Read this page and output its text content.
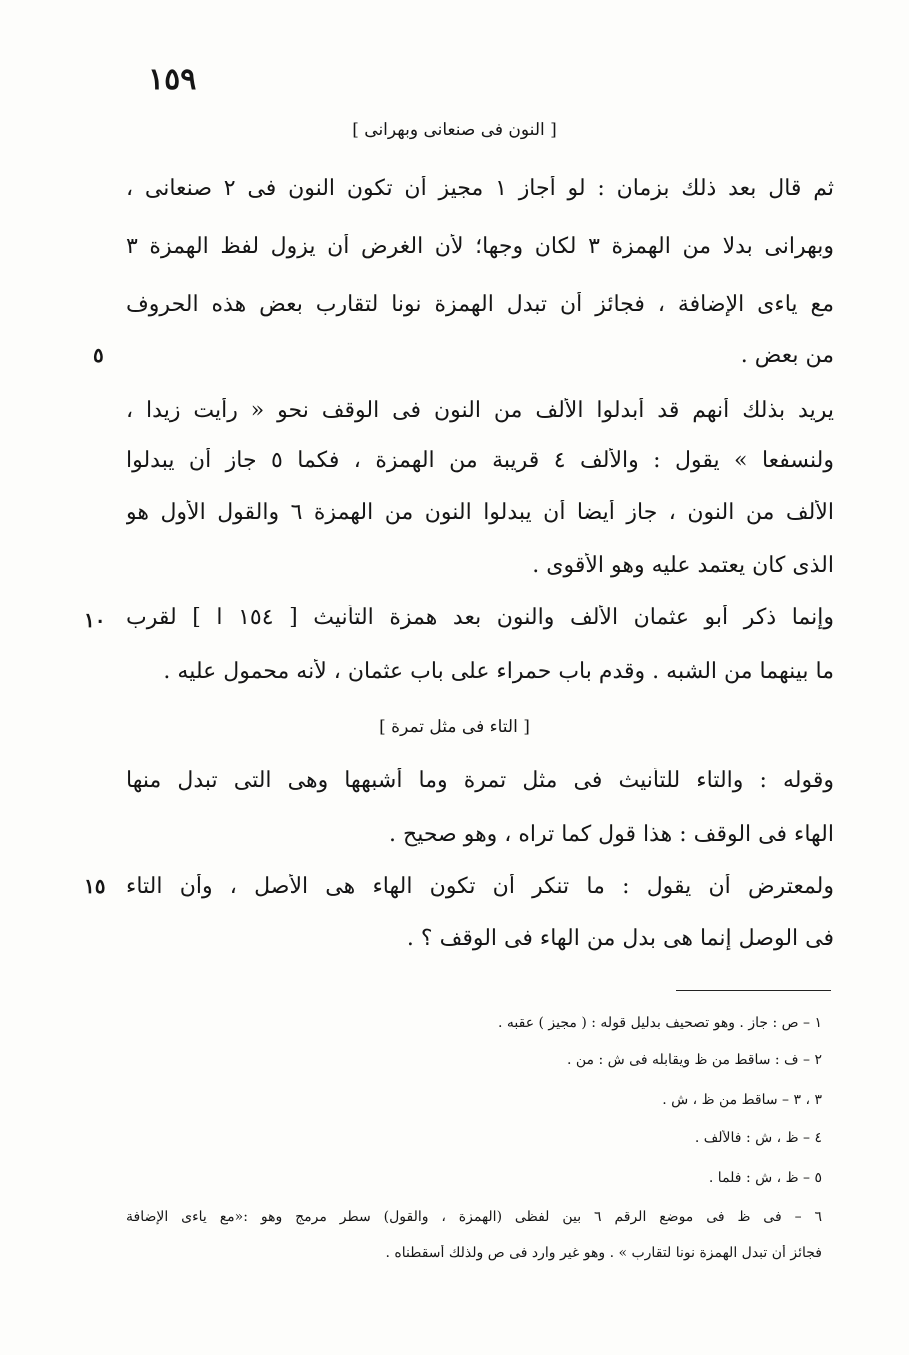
١٥٩
[ النون فى صنعانى وبهرانى ]
ثم قال بعد ذلك بزمان : لو أجاز ١ مجيز أن تكون النون فى ٢ صنعانى ،
وبهرانى بدلا من الهمزة ٣ لكان وجها؛ لأن الغرض أن يزول لفظ الهمزة ٣
مع ياءى الإضافة ، فجائز أن تبدل الهمزة نونا لتقارب بعض هذه الحروف
من بعض .
٥
يريد بذلك أنهم قد أبدلوا الألف من النون فى الوقف نحو « رأيت زيدا ،
ولنسفعا » يقول : والألف ٤ قريبة من الهمزة ، فكما ٥ جاز أن يبدلوا
الألف من النون ، جاز أيضا أن يبدلوا النون من الهمزة ٦ والقول الأول هو
الذى كان يعتمد عليه وهو الأقوى .
وإنما ذكر أبو عثمان الألف والنون بعد همزة التأنيث [ ١٥٤ ا ] لقرب
١٠
ما بينهما من الشبه . وقدم باب حمراء على باب عثمان ، لأنه محمول عليه .
[ التاء فى مثل تمرة ]
وقوله : والتاء للتأنيث فى مثل تمرة وما أشبهها وهى التى تبدل منها
الهاء فى الوقف : هذا قول كما تراه ، وهو صحيح .
ولمعترض أن يقول : ما تنكر أن تكون الهاء هى الأصل ، وأن التاء
١٥
فى الوصل إنما هى بدل من الهاء فى الوقف ؟ .
١ – ص : جاز . وهو تصحيف بدليل قوله : ( مجيز ) عقبه .
٢ – ف : ساقط من ظ ويقابله فى ش : من .
٣ ، ٣ – ساقط من ظ ، ش .
٤ – ظ ، ش : فالألف .
٥ – ظ ، ش : فلما .
٦ – فى ظ فى موضع الرقم ٦ بين لفظى (الهمزة ، والقول) سطر مرمج وهو :«مع ياءى الإضافة
فجائز أن تبدل الهمزة نونا لتقارب » . وهو غير وارد فى ص ولذلك أسقطناه .
